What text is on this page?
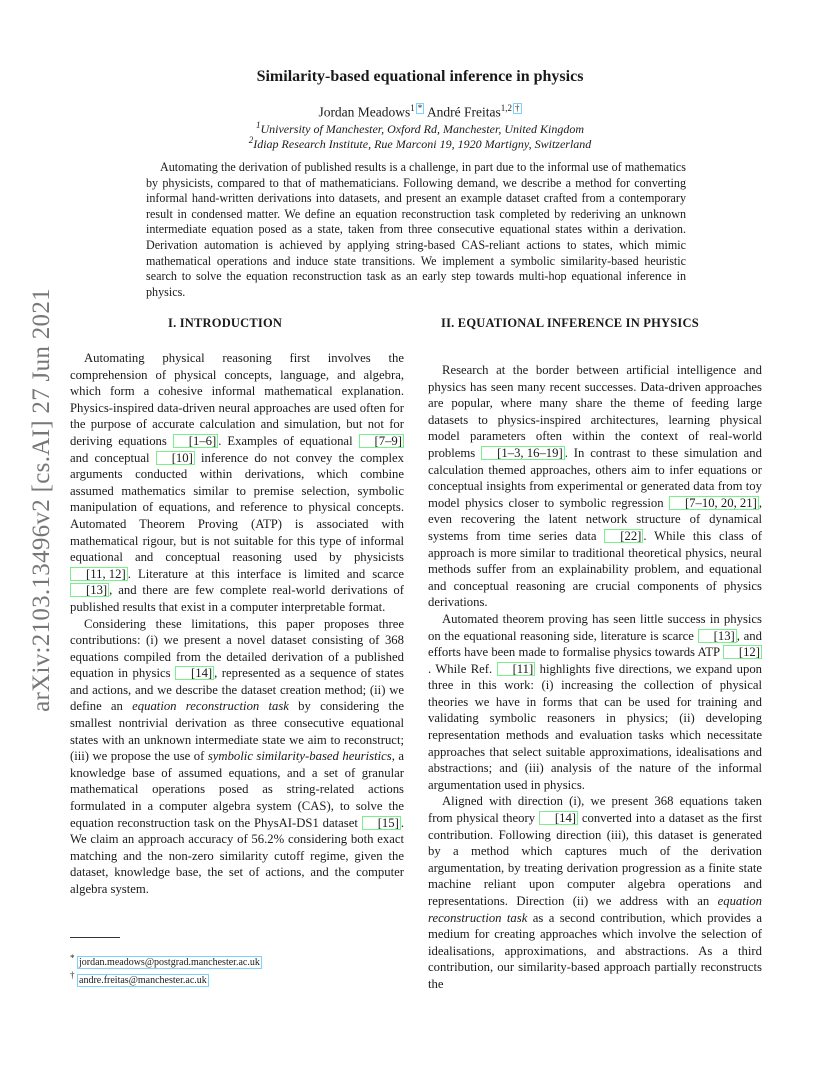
arXiv:2103.13496v2 [cs.AI] 27 Jun 2021
Similarity-based equational inference in physics
Jordan Meadows$^1$ * André Freitas$^{1,2}$ †
$^1$University of Manchester, Oxford Rd, Manchester, United Kingdom
$^2$Idiap Research Institute, Rue Marconi 19, 1920 Martigny, Switzerland

Automating the derivation of published results is a challenge, in part due to the informal use of mathematics by physicists, compared to that of mathematicians. Following demand, we describe a method for converting informal hand-written derivations into datasets, and present an example dataset crafted from a contemporary result in condensed matter. We define an equation reconstruction task completed by rederiving an unknown intermediate equation posed as a state, taken from three consecutive equational states within a derivation. Derivation automation is achieved by applying string-based CAS-reliant actions to states, which mimic mathematical operations and induce state transitions. We implement a symbolic similarity-based heuristic search to solve the equation reconstruction task as an early step towards multi-hop equational inference in physics.

I. INTRODUCTION	II. EQUATIONAL INFERENCE IN PHYSICS

Automating physical reasoning first involves the comprehension of physical concepts, language, and algebra, which form a cohesive informal mathematical explanation. Physics-inspired data-driven neural approaches are used often for the purpose of accurate calculation and simulation, but not for deriving equations [1–6] . Examples of equational [7–9] and conceptual [10] inference do not convey the complex arguments conducted within derivations, which combine assumed mathematics similar to premise selection, symbolic manipulation of equations, and reference to physical concepts. Automated Theorem Proving (ATP) is associated with mathematical rigour, but is not suitable for this type of informal equational and conceptual reasoning used by physicists [11, 12] . Literature at this interface is limited and scarce [13] , and there are few complete real-world derivations of published results that exist in a computer interpretable format.

Considering these limitations, this paper proposes three contributions: (i) we present a novel dataset consisting of 368 equations compiled from the detailed derivation of a published equation in physics [14] , represented as a sequence of states and actions, and we describe the dataset creation method; (ii) we define an equation reconstruction task by considering the smallest nontrivial derivation as three consecutive equational states with an unknown intermediate state we aim to reconstruct; (iii) we propose the use of symbolic similarity-based heuristics, a knowledge base of assumed equations, and a set of granular mathematical operations posed as string-related actions formulated in a computer algebra system (CAS), to solve the equation reconstruction task on the PhysAI-DS1 dataset [15] . We claim an approach accuracy of 56.2% considering both exact matching and the non-zero similarity cutoff regime, given the dataset, knowledge base, the set of actions, and the computer algebra system.

Research at the border between artificial intelligence and physics has seen many recent successes. Data-driven approaches are popular, where many share the theme of feeding large datasets to physics-inspired architectures, learning physical model parameters often within the context of real-world problems [1–3, 16–19] . In contrast to these simulation and calculation themed approaches, others aim to infer equations or conceptual insights from experimental or generated data from toy model physics closer to symbolic regression [7–10, 20, 21] , even recovering the latent network structure of dynamical systems from time series data [22] . While this class of approach is more similar to traditional theoretical physics, neural methods suffer from an explainability problem, and equational and conceptual reasoning are crucial components of physics derivations.

Automated theorem proving has seen little success in physics on the equational reasoning side, literature is scarce [13] , and efforts have been made to formalise physics towards ATP [12]. While Ref. [11] highlights five directions, we expand upon three in this work: (i) increasing the collection of physical theories we have in forms that can be used for training and validating symbolic reasoners in physics; (ii) developing representation methods and evaluation tasks which necessitate approaches that select suitable approximations, idealisations and abstractions; and (iii) analysis of the nature of the informal argumentation used in physics.

Aligned with direction (i), we present 368 equations taken from physical theory [14] converted into a dataset as the first contribution. Following direction (iii), this dataset is generated by a method which captures much of the derivation argumentation, by treating derivation progression as a finite state machine reliant upon computer algebra operations and representations. Direction (ii) we address with an equation reconstruction task as a second contribution, which provides a medium for creating approaches which involve the selection of idealisations, approximations, and abstractions. As a third contribution, our similarity-based approach partially reconstructs the

* jordan.meadows@postgrad.manchester.ac.uk
† andre.freitas@manchester.ac.uk
